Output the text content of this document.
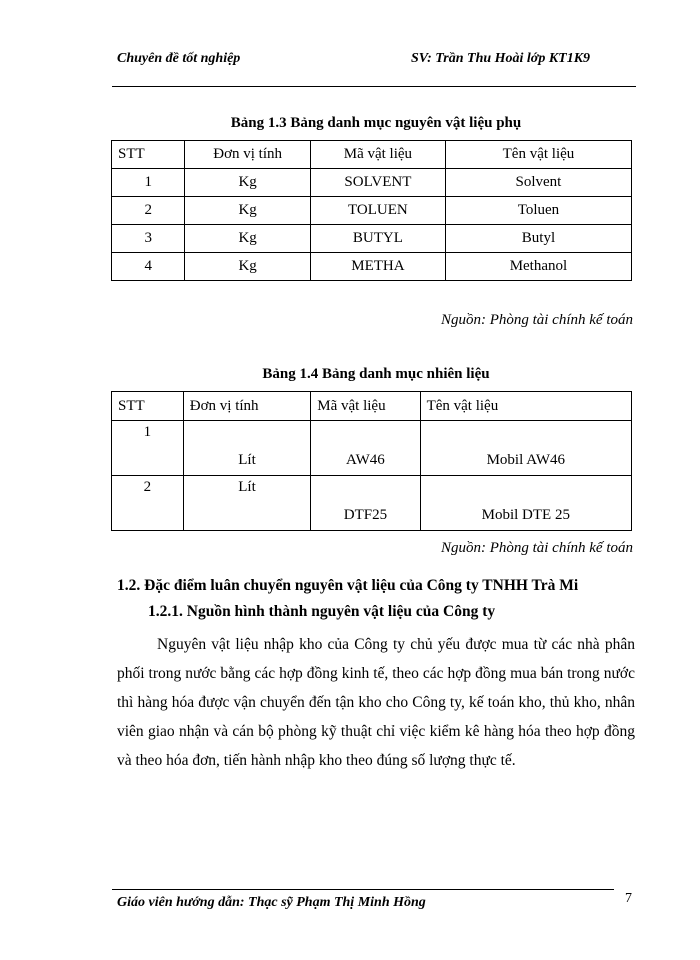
Chuyên đề tốt nghiệp	SV: Trần Thu Hoài lớp KT1K9
Bảng 1.3 Bảng danh mục nguyên vật liệu phụ
STT	Đơn vị tính	Mã vật liệu	Tên vật liệu
1	Kg	SOLVENT	Solvent
2	Kg	TOLUEN	Toluen
3	Kg	BUTYL	Butyl
4	Kg	METHA	Methanol
Nguồn: Phòng tài chính kế toán
Bảng 1.4 Bảng danh mục nhiên liệu
STT	Đơn vị tính	Mã vật liệu	Tên vật liệu

1	Lít	AW46	Mobil AW46

2	Lít	DTF25	Mobil DTE 25
Nguồn: Phòng tài chính kế toán
1.2. Đặc điểm luân chuyển nguyên vật liệu của Công ty TNHH Trà Mi
1.2.1. Nguồn hình thành nguyên vật liệu của Công ty
Nguyên vật liệu nhập kho của Công ty chủ yếu được mua từ các nhà phân phối trong nước bằng các hợp đồng kinh tế, theo các hợp đồng mua bán trong nước thì hàng hóa được vận chuyển đến tận kho cho Công ty, kế toán kho, thủ kho, nhân viên giao nhận và cán bộ phòng kỹ thuật chỉ việc kiểm kê hàng hóa theo hợp đồng và theo hóa đơn, tiến hành nhập kho theo đúng số lượng thực tế.
Giáo viên hướng dẫn: Thạc sỹ Phạm Thị Minh Hồng	7
